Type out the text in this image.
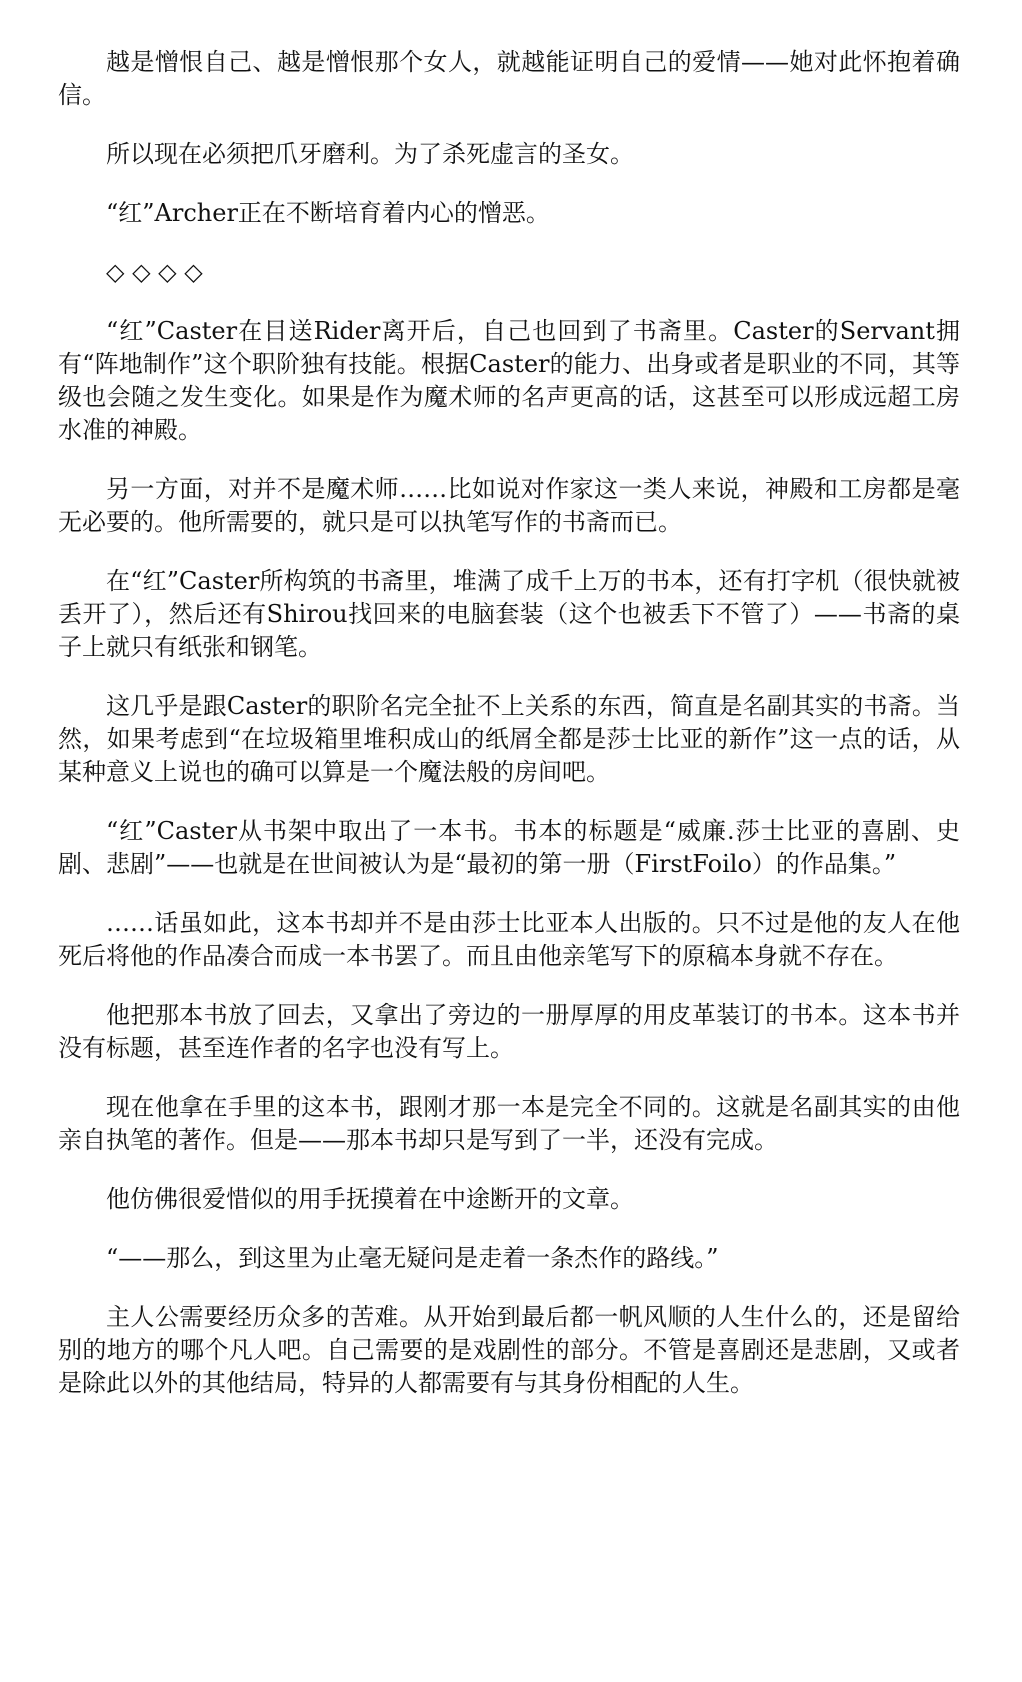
越是憎恨自己、越是憎恨那个女人，就越能证明自己的爱情——她对此怀抱着确信。

所以现在必须把爪牙磨利。为了杀死虚言的圣女。

“红”Archer正在不断培育着内心的憎恶。

◇ ◇ ◇ ◇

“红”Caster在目送Rider离开后，自己也回到了书斋里。Caster的Servant拥有“阵地制作”这个职阶独有技能。根据Caster的能力、出身或者是职业的不同，其等级也会随之发生变化。如果是作为魔术师的名声更高的话，这甚至可以形成远超工房水准的神殿。

另一方面，对并不是魔术师……比如说对作家这一类人来说，神殿和工房都是毫无必要的。他所需要的，就只是可以执笔写作的书斋而已。

在“红”Caster所构筑的书斋里，堆满了成千上万的书本，还有打字机（很快就被丢开了），然后还有Shirou找回来的电脑套装（这个也被丢下不管了）——书斋的桌子上就只有纸张和钢笔。

这几乎是跟Caster的职阶名完全扯不上关系的东西，简直是名副其实的书斋。当然，如果考虑到“在垃圾箱里堆积成山的纸屑全都是莎士比亚的新作”这一点的话，从某种意义上说也的确可以算是一个魔法般的房间吧。

“红”Caster从书架中取出了一本书。书本的标题是“威廉.莎士比亚的喜剧、史剧、悲剧”——也就是在世间被认为是“最初的第一册（FirstFoilo）的作品集。”

……话虽如此，这本书却并不是由莎士比亚本人出版的。只不过是他的友人在他死后将他的作品凑合而成一本书罢了。而且由他亲笔写下的原稿本身就不存在。

他把那本书放了回去，又拿出了旁边的一册厚厚的用皮革装订的书本。这本书并没有标题，甚至连作者的名字也没有写上。

现在他拿在手里的这本书，跟刚才那一本是完全不同的。这就是名副其实的由他亲自执笔的著作。但是——那本书却只是写到了一半，还没有完成。

他仿佛很爱惜似的用手抚摸着在中途断开的文章。

“——那么，到这里为止毫无疑问是走着一条杰作的路线。”

主人公需要经历众多的苦难。从开始到最后都一帆风顺的人生什么的，还是留给别的地方的哪个凡人吧。自己需要的是戏剧性的部分。不管是喜剧还是悲剧，又或者是除此以外的其他结局，特异的人都需要有与其身份相配的人生。
